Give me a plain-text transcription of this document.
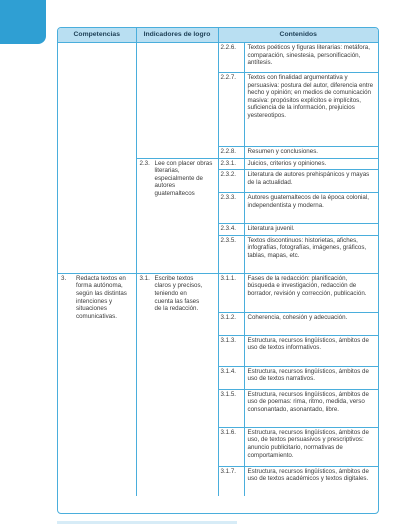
Competencias	Indicadores de logro	Contenidos	
		2.2.6.	Textos poéticos y figuras literarias: metáfora, comparación, sinestesia, personificación, antítesis.
		2.2.7.	Textos con finalidad argumentativa y persuasiva: postura del autor, diferencia entre hecho y opinión; en medios de comunicación masiva: propósitos explícitos e implícitos, suficiencia de la información, prejuicios yestereotipos.
		2.2.8.	Resumen y conclusiones.

	2.3. Lee con placer obras literarias, especialmente de autores guatemaltecos	2.3.1.	Juicios, criterios y opiniones.
		2.3.2.	Literatura de autores prehispánicos y mayas de la actualidad.
		2.3.3.	Autores guatemaltecos de la época colonial, independentista y moderna.
		2.3.4.	Literatura juvenil.
		2.3.5.	Textos discontinuos: historietas, afiches, infografías, fotografías, imágenes, gráficos, tablas, mapas, etc.

3. Redacta textos en forma autónoma, según las distintas intenciones y situaciones comunicativas.	3.1. Escribe textos claros y precisos, teniendo en cuenta las fases de la redacción.	3.1.1.	Fases de la redacción: planificación, búsqueda e investigación, redacción de borrador, revisión y corrección, publicación.
		3.1.2.	Coherencia, cohesión y adecuación.
		3.1.3.	Estructura, recursos lingüísticos, ámbitos de uso de textos informativos.
		3.1.4.	Estructura, recursos lingüísticos, ámbitos de uso de textos narrativos.
		3.1.5.	Estructura, recursos lingüísticos, ámbitos de uso de poemas: rima, ritmo, medida, verso consonantado, asonantado, libre.
		3.1.6.	Estructura, recursos lingüísticos, ámbitos de uso, de textos persuasivos y prescriptivos: anuncio publicitario, normativas de comportamiento.
		3.1.7.	Estructura, recursos lingüísticos, ámbitos de uso de textos académicos y textos digitales.
